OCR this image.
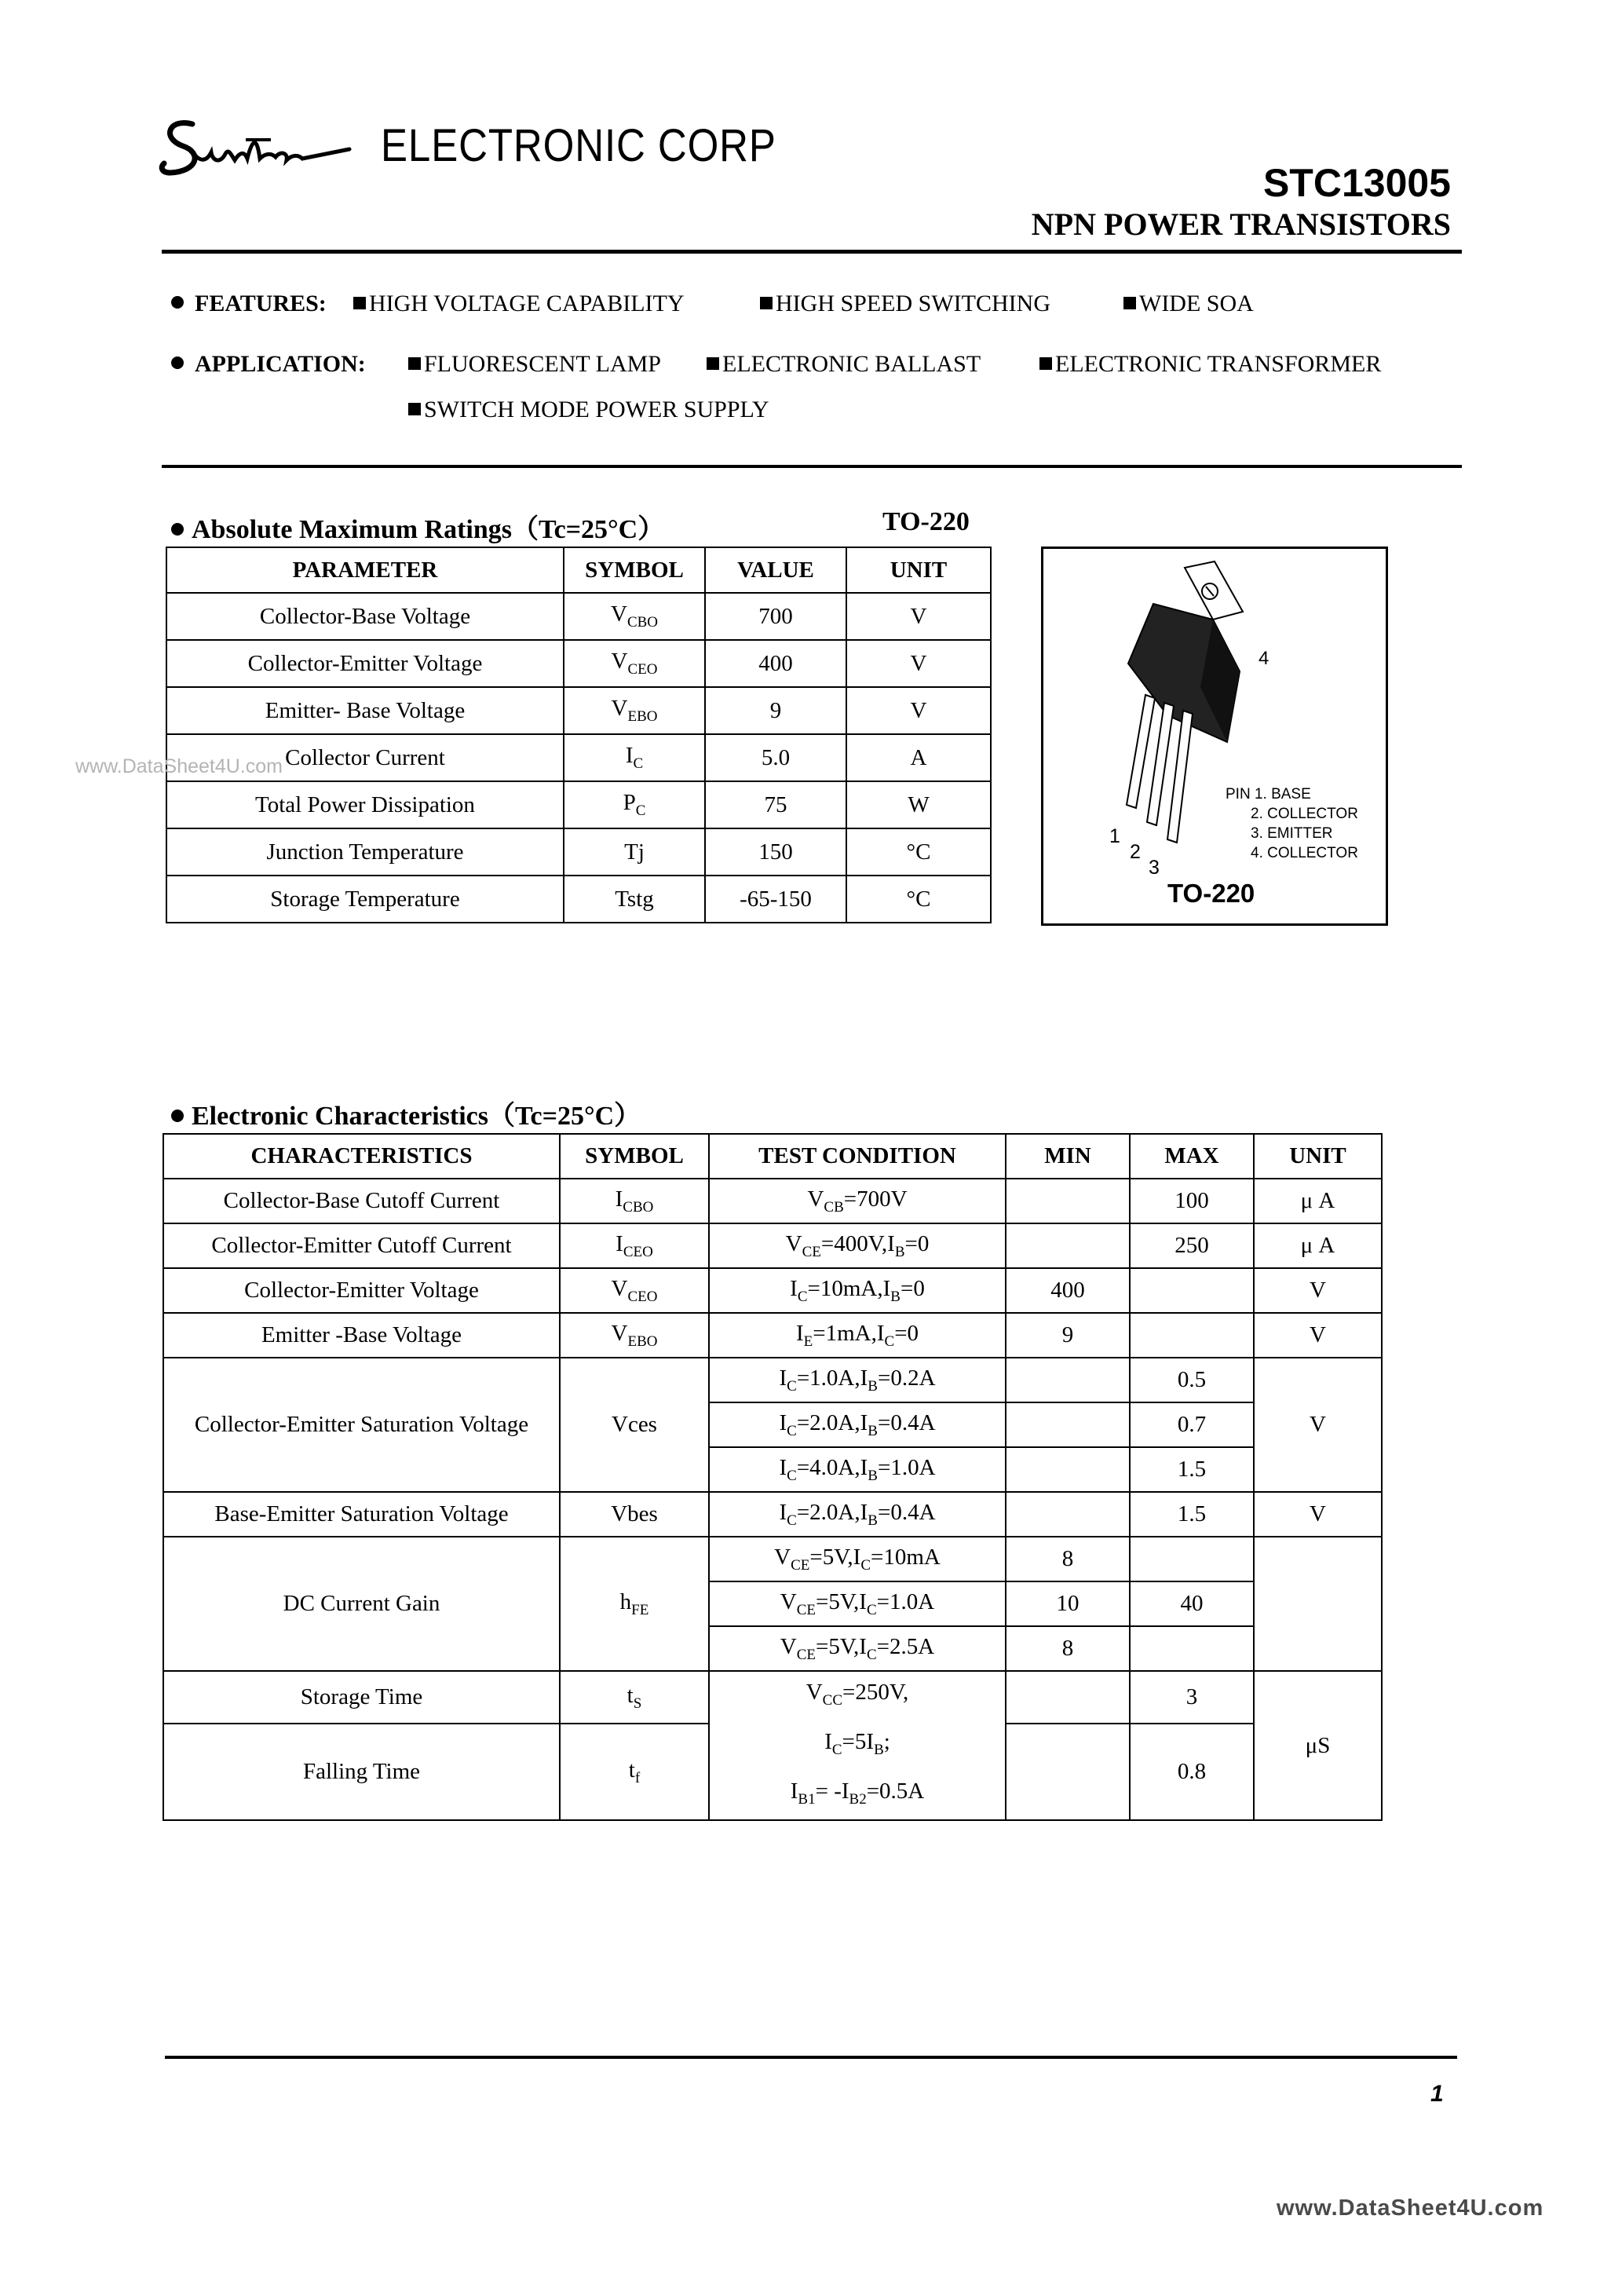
ELECTRONIC CORP
STC13005
NPN POWER TRANSISTORS
FEATURES:	HIGH VOLTAGE CAPABILITY	HIGH SPEED SWITCHING	WIDE SOA
APPLICATION:	FLUORESCENT LAMP	ELECTRONIC BALLAST	ELECTRONIC TRANSFORMER
SWITCH MODE POWER SUPPLY
Absolute Maximum Ratings（Tc=25°C）	TO-220
PARAMETER	SYMBOL	VALUE	UNIT
Collector-Base Voltage	$V_{CBO}$	700	V
Collector-Emitter Voltage	$V_{CEO}$	400	V
Emitter- Base Voltage	$V_{EBO}$	9	V
Collector Current	$I_C$	5.0	A
Total Power Dissipation	$P_C$	75	W
Junction Temperature	Tj	150	°C
Storage Temperature	Tstg	-65-150	°C
www.DataSheet4U.com
4
PIN 1. BASE
2. COLLECTOR
3. EMITTER
4. COLLECTOR
1
2
3
TO-220
Electronic Characteristics（Tc=25°C）
CHARACTERISTICS	SYMBOL	TEST CONDITION	MIN	MAX	UNIT
Collector-Base Cutoff Current	$I_{CBO}$	$V_{CB}=700V$		100	μ A
Collector-Emitter Cutoff Current	$I_{CEO}$	$V_{CE}=400V,I_B=0$		250	μ A
Collector-Emitter Voltage	$V_{CEO}$	$I_C=10mA,I_B=0$	400		V
Emitter -Base Voltage	$V_{EBO}$	$I_E=1mA,I_C=0$	9		V
Collector-Emitter Saturation Voltage	Vces	$I_C=1.0A,I_B=0.2A$		0.5	V
		$I_C=2.0A,I_B=0.4A$		0.7	
		$I_C=4.0A,I_B=1.0A$		1.5	
Base-Emitter Saturation Voltage	Vbes	$I_C=2.0A,I_B=0.4A$		1.5	V
DC Current Gain	$h_{FE}$	$V_{CE}=5V,I_C=10mA$	8		
		$V_{CE}=5V,I_C=1.0A$	10	40	
		$V_{CE}=5V,I_C=2.5A$	8		
Storage Time	$t_S$	$V_{CC}=250V$,
$I_C=5I_B$;
$I_{B1}= -I_{B2}=0.5A$		3	μS
Falling Time	$t_f$			0.8	
1
www.DataSheet4U.com
